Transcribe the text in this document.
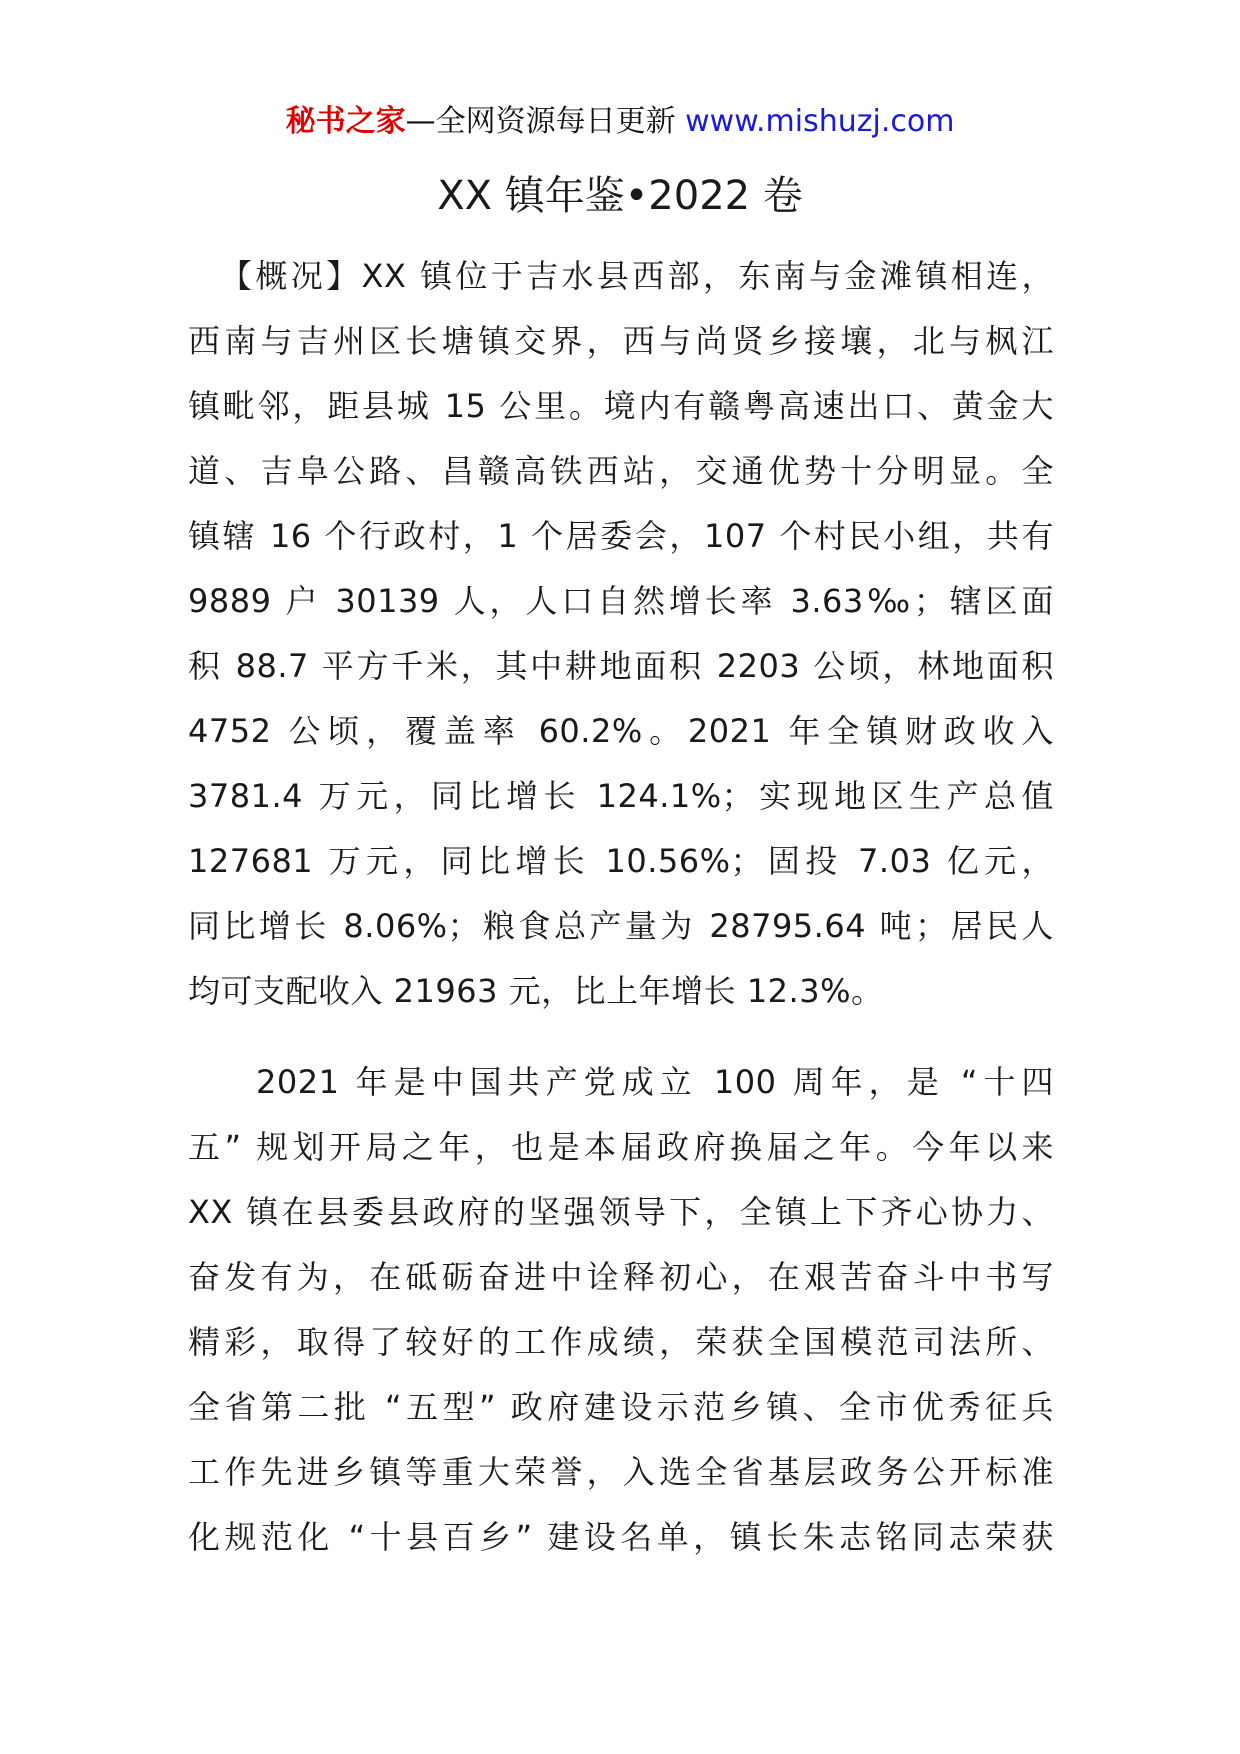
秘书之家—全网资源每日更新 www.mishuzj.com
XX 镇年鉴•2022 卷
【概况】XX 镇位于吉水县西部，东南与金滩镇相连，
西南与吉州区长塘镇交界，西与尚贤乡接壤，北与枫江
镇毗邻，距县城 15 公里。境内有赣粤高速出口、黄金大
道、吉阜公路、昌赣高铁西站，交通优势十分明显。全
镇辖 16 个行政村，1 个居委会，107 个村民小组，共有
9889 户 30139 人，人口自然增长率 3.63‰；辖区面
积 88.7 平方千米，其中耕地面积 2203 公顷，林地面积
4752 公顷，覆盖率 60.2%。2021 年全镇财政收入
3781.4 万元，同比增长 124.1%；实现地区生产总值
127681 万元，同比增长 10.56%；固投 7.03 亿元，
同比增长 8.06%；粮食总产量为 28795.64 吨；居民人
均可支配收入 21963 元，比上年增长 12.3%。
2021 年是中国共产党成立 100 周年，是 “十四
五” 规划开局之年，也是本届政府换届之年。今年以来
XX 镇在县委县政府的坚强领导下，全镇上下齐心协力、
奋发有为，在砥砺奋进中诠释初心，在艰苦奋斗中书写
精彩，取得了较好的工作成绩，荣获全国模范司法所、
全省第二批 “五型” 政府建设示范乡镇、全市优秀征兵
工作先进乡镇等重大荣誉，入选全省基层政务公开标准
化规范化 “十县百乡” 建设名单，镇长朱志铭同志荣获
